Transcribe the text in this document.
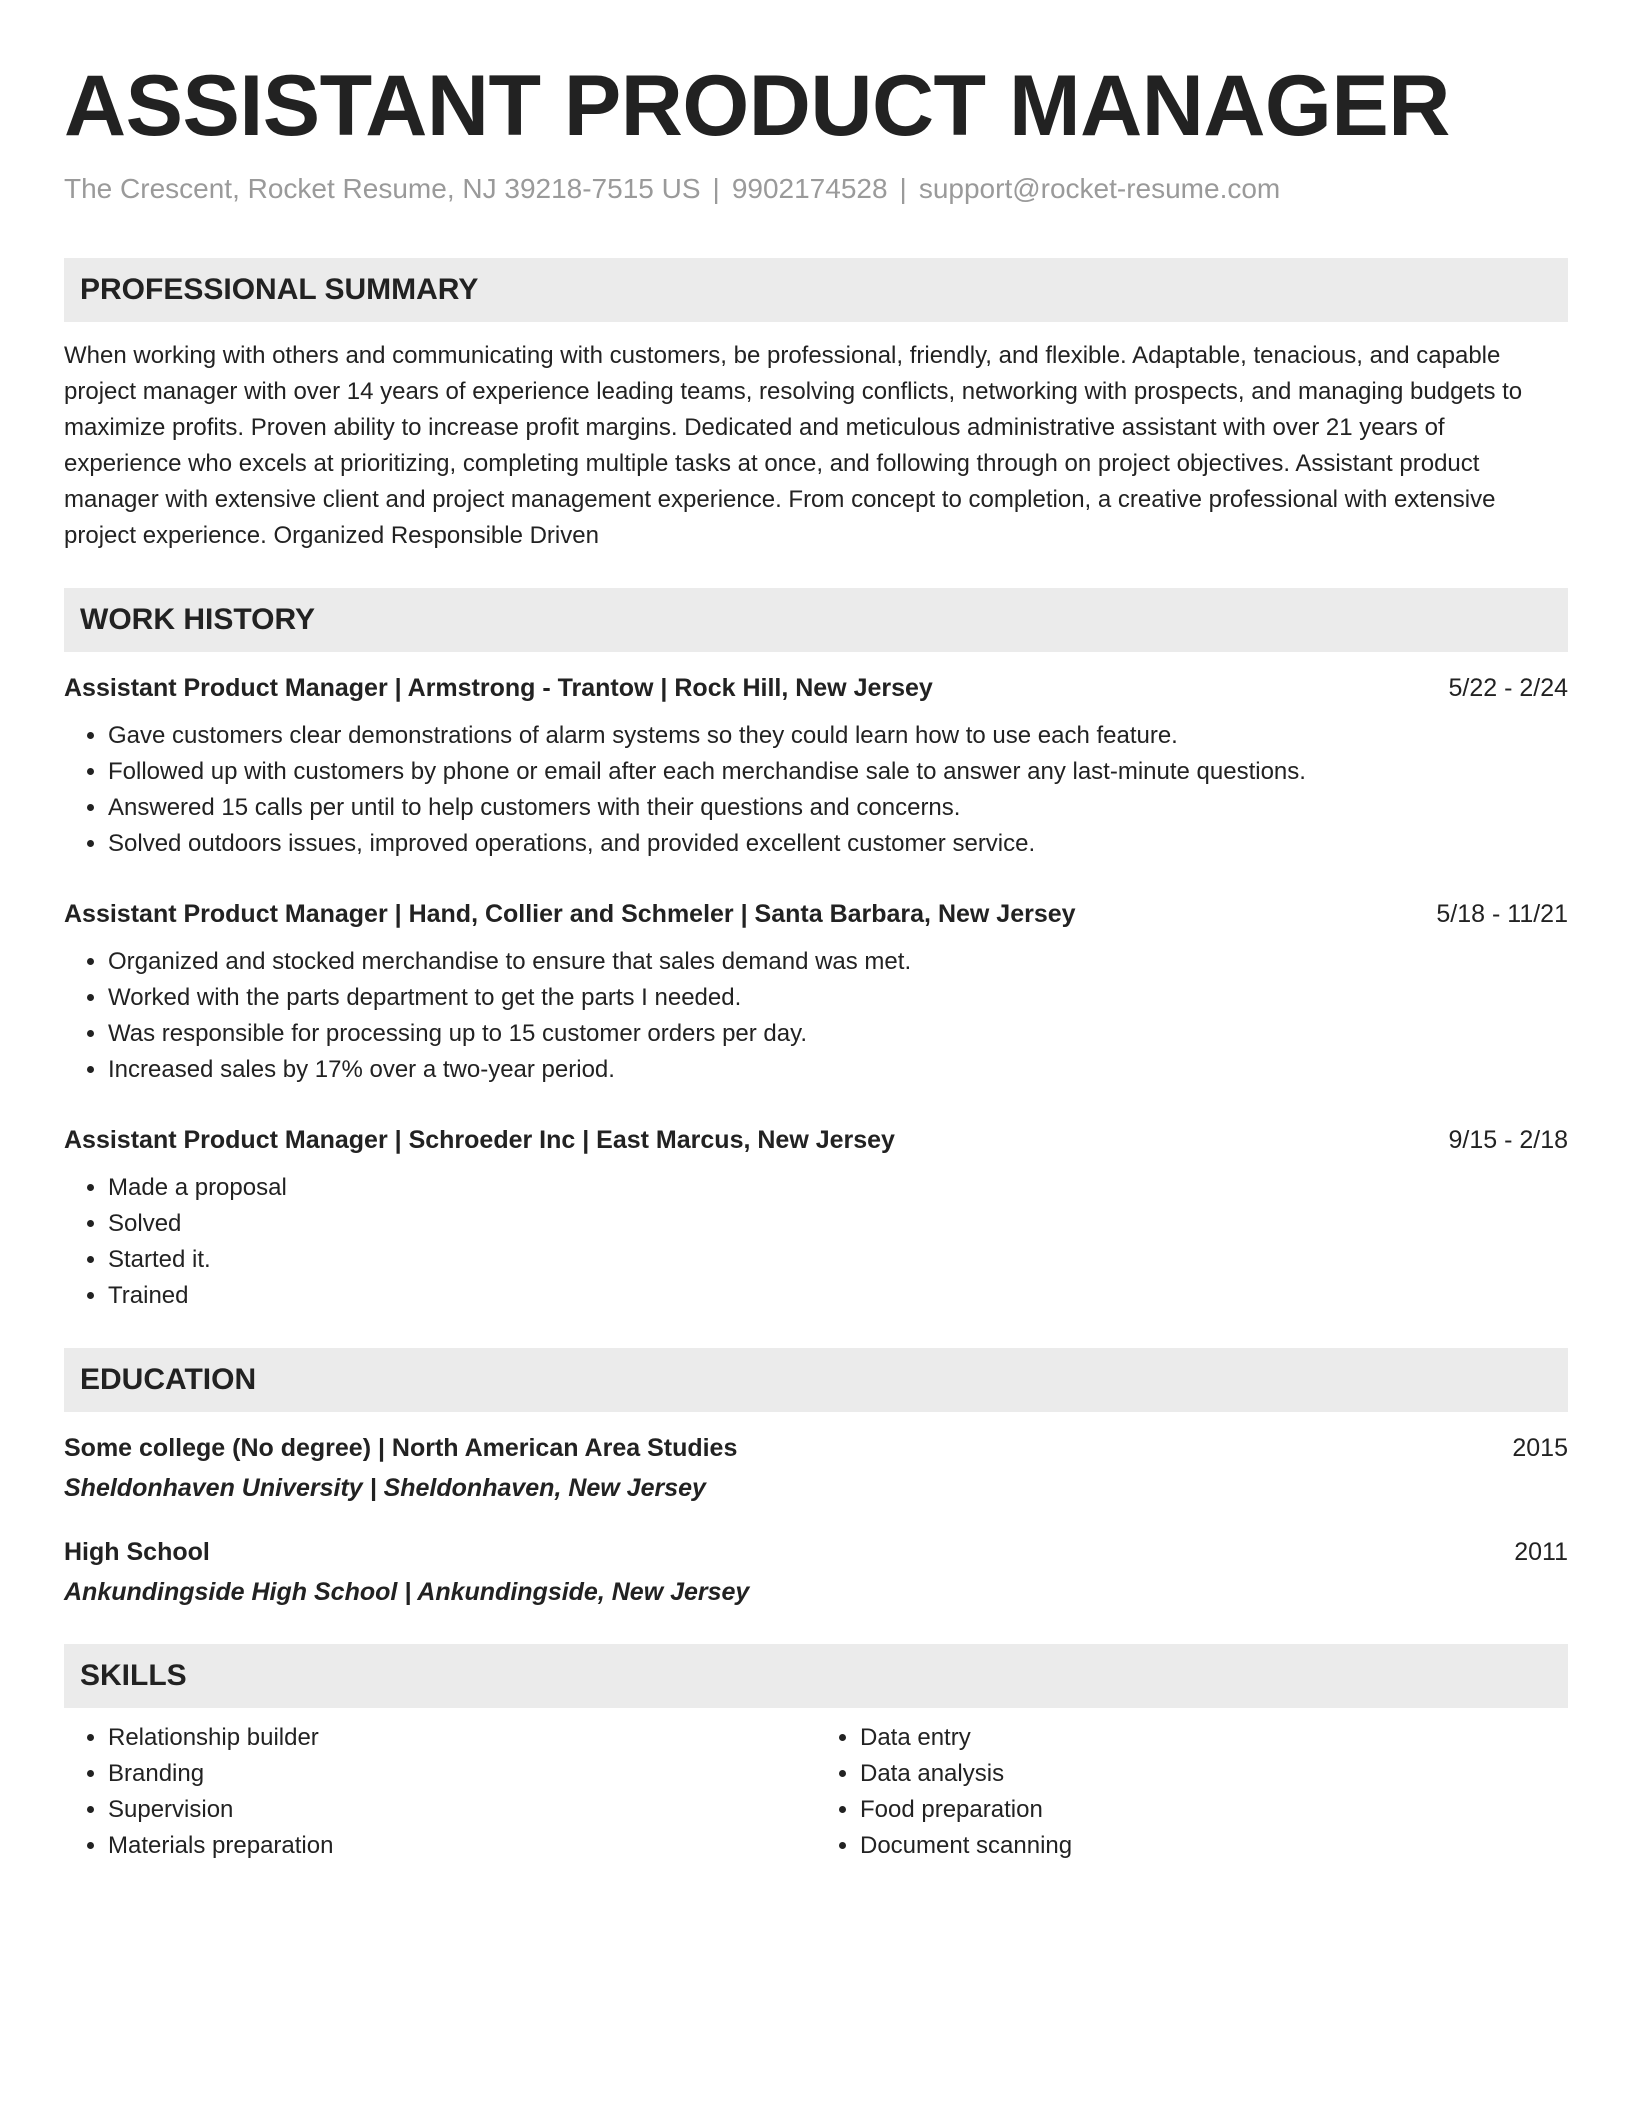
ASSISTANT PRODUCT MANAGER
The Crescent, Rocket Resume, NJ 39218-7515 US | 9902174528 | support@rocket-resume.com
PROFESSIONAL SUMMARY
When working with others and communicating with customers, be professional, friendly, and flexible. Adaptable, tenacious, and capable project manager with over 14 years of experience leading teams, resolving conflicts, networking with prospects, and managing budgets to maximize profits. Proven ability to increase profit margins. Dedicated and meticulous administrative assistant with over 21 years of experience who excels at prioritizing, completing multiple tasks at once, and following through on project objectives. Assistant product manager with extensive client and project management experience. From concept to completion, a creative professional with extensive project experience. Organized Responsible Driven
WORK HISTORY
Assistant Product Manager | Armstrong - Trantow | Rock Hill, New Jersey	5/22 - 2/24
• Gave customers clear demonstrations of alarm systems so they could learn how to use each feature.
• Followed up with customers by phone or email after each merchandise sale to answer any last-minute questions.
• Answered 15 calls per until to help customers with their questions and concerns.
• Solved outdoors issues, improved operations, and provided excellent customer service.
Assistant Product Manager | Hand, Collier and Schmeler | Santa Barbara, New Jersey	5/18 - 11/21
• Organized and stocked merchandise to ensure that sales demand was met.
• Worked with the parts department to get the parts I needed.
• Was responsible for processing up to 15 customer orders per day.
• Increased sales by 17% over a two-year period.
Assistant Product Manager | Schroeder Inc | East Marcus, New Jersey	9/15 - 2/18
• Made a proposal
• Solved
• Started it.
• Trained
EDUCATION
Some college (No degree) | North American Area Studies	2015
Sheldonhaven University | Sheldonhaven, New Jersey
High School	2011
Ankundingside High School | Ankundingside, New Jersey
SKILLS
• Relationship builder
• Branding
• Supervision
• Materials preparation
• Data entry
• Data analysis
• Food preparation
• Document scanning
